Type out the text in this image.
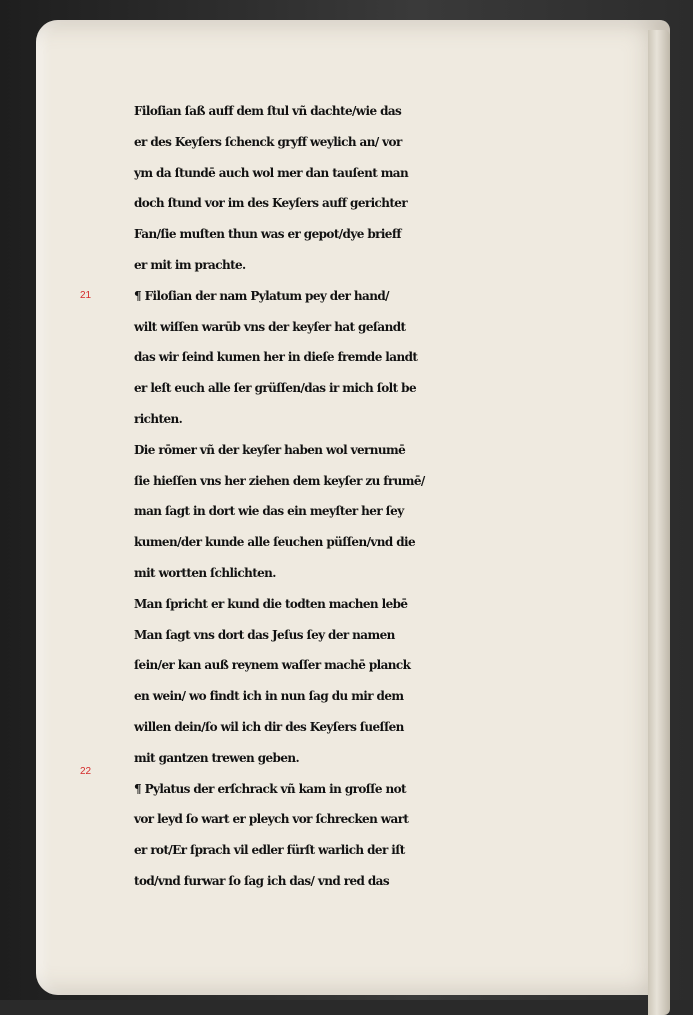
21
22
Filoſian ſaß auff dem ſtul vñ dachte/wie das
er des Keyſers ſchenck gryff weylich an/ vor
ym da ſtundē auch wol mer dan tauſent man
doch ſtund vor im des Keyſers auff gerichter
Fan/ſie muſten thun was er gepot/dye brieff
er mit im prachte.
¶ Filoſian der nam Pylatum pey der hand/
wilt wiſſen warūb vns der keyſer hat geſandt
das wir ſeind kumen her in dieſe fremde landt
er leſt euch alle ſer grüſſen/das ir mich ſolt be
richten.
Die rōmer vñ der keyſer haben wol vernumē
ſie hieſſen vns her ziehen dem keyſer zu frumē/
man ſagt in dort wie das ein meyſter her ſey
kumen/der kunde alle ſeuchen püſſen/vnd die
mit wortten ſchlichten.
Man ſpricht er kund die todten machen lebē
Man ſagt vns dort das Jeſus ſey der namen
ſein/er kan auß reynem waſſer machē planck
en wein/ wo findt ich in nun ſag du mir dem
willen dein/ſo wil ich dir des Keyſers ſueſſen
mit gantzen trewen geben.
¶ Pylatus der erſchrack vñ kam in groſſe not
vor leyd ſo wart er pleych vor ſchrecken wart
er rot/Er ſprach vil edler fürſt warlich der iſt
tod/vnd furwar ſo ſag ich das/ vnd red das
